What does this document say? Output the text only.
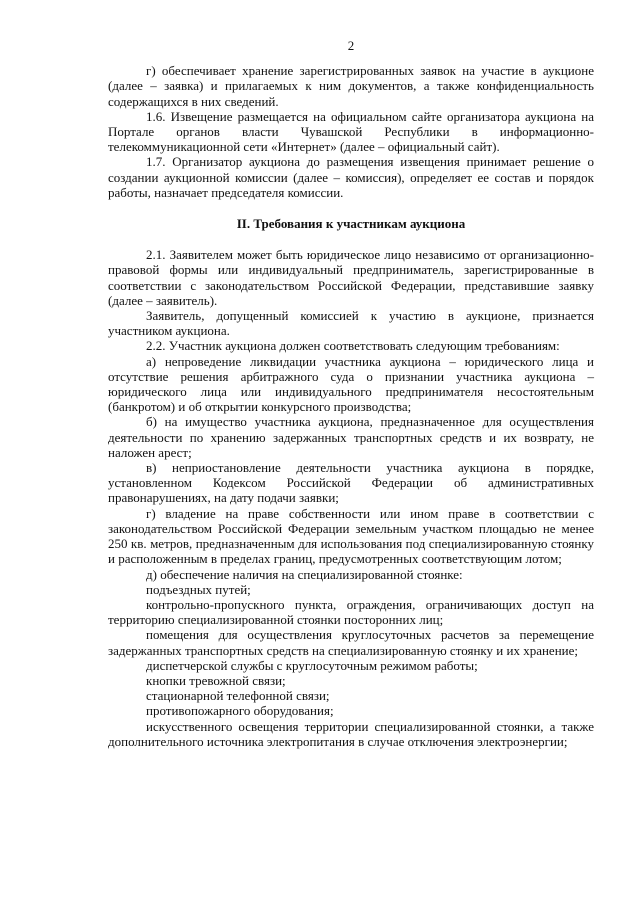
2

г) обеспечивает хранение зарегистрированных заявок на участие в аукционе (далее – заявка) и прилагаемых к ним документов, а также конфиденциальность содержащихся в них сведений.

1.6. Извещение размещается на официальном сайте организатора аукциона на Портале органов власти Чувашской Республики в информационно-телекоммуникационной сети «Интернет» (далее – официальный сайт).

1.7. Организатор аукциона до размещения извещения принимает решение о создании аукционной комиссии (далее – комиссия), определяет ее состав и порядок работы, назначает председателя комиссии.

II. Требования к участникам аукциона

2.1. Заявителем может быть юридическое лицо независимо от организационно-правовой формы или индивидуальный предприниматель, зарегистрированные в соответствии с законодательством Российской Федерации, представившие заявку (далее – заявитель).

Заявитель, допущенный комиссией к участию в аукционе, признается участником аукциона.

2.2. Участник аукциона должен соответствовать следующим требованиям:

а) непроведение ликвидации участника аукциона – юридического лица и отсутствие решения арбитражного суда о признании участника аукциона – юридического лица или индивидуального предпринимателя несостоятельным (банкротом) и об открытии конкурсного производства;

б) на имущество участника аукциона, предназначенное для осуществления деятельности по хранению задержанных транспортных средств и их возврату, не наложен арест;

в) неприостановление деятельности участника аукциона в порядке, установленном Кодексом Российской Федерации об административных правонарушениях, на дату подачи заявки;

г) владение на праве собственности или ином праве в соответствии с законодательством Российской Федерации земельным участком площадью не менее 250 кв. метров, предназначенным для использования под специализированную стоянку и расположенным в пределах границ, предусмотренных соответствующим лотом;

д) обеспечение наличия на специализированной стоянке:

подъездных путей;

контрольно-пропускного пункта, ограждения, ограничивающих доступ на территорию специализированной стоянки посторонних лиц;

помещения для осуществления круглосуточных расчетов за перемещение задержанных транспортных средств на специализированную стоянку и их хранение;

диспетчерской службы с круглосуточным режимом работы;

кнопки тревожной связи;

стационарной телефонной связи;

противопожарного оборудования;

искусственного освещения территории специализированной стоянки, а также дополнительного источника электропитания в случае отключения электроэнергии;
